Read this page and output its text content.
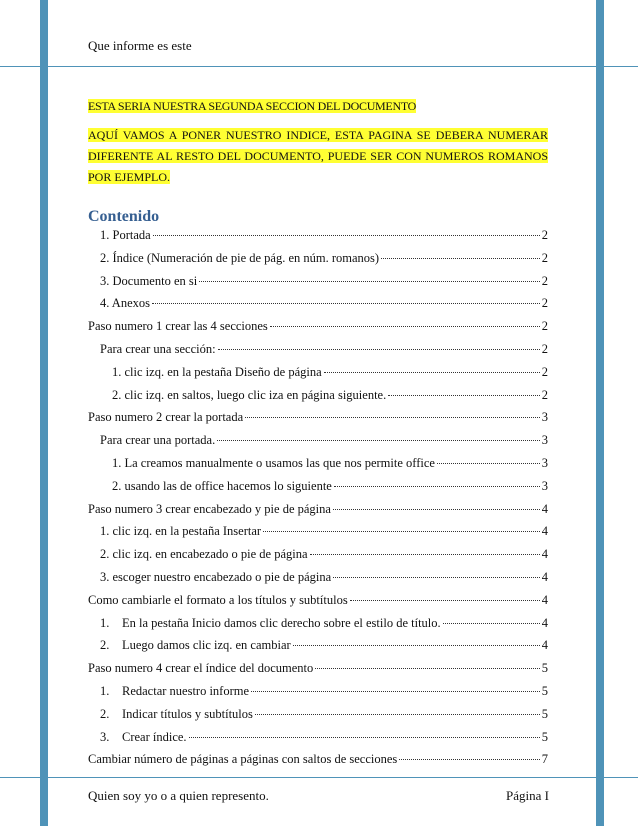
Que informe es este
ESTA SERIA NUESTRA SEGUNDA SECCION DEL DOCUMENTO
AQUÍ VAMOS A PONER NUESTRO INDICE, ESTA PAGINA SE DEBERA NUMERAR DIFERENTE AL RESTO DEL DOCUMENTO, PUEDE SER CON NUMEROS ROMANOS POR EJEMPLO.
Contenido
1. Portada	2
2. Índice (Numeración de pie de pág. en núm. romanos)	2
3. Documento en si	2
4. Anexos	2
Paso numero 1 crear las 4 secciones	2
Para crear una sección:	2
1. clic izq. en la pestaña Diseño de página	2
2. clic izq. en saltos, luego clic iza en página siguiente.	2
Paso numero 2 crear la portada	3
Para crear una portada.	3
1. La creamos manualmente o usamos las que nos permite office	3
2. usando las de office hacemos lo siguiente	3
Paso numero 3 crear encabezado y pie de página	4
1. clic izq. en la pestaña Insertar	4
2. clic izq. en encabezado o pie de página	4
3. escoger nuestro encabezado o pie de página	4
Como cambiarle el formato a los títulos y subtítulos	4
1. En la pestaña Inicio damos clic derecho sobre el estilo de título.	4
2. Luego damos clic izq. en cambiar	4
Paso numero 4 crear el índice del documento	5
1. Redactar nuestro informe	5
2. Indicar títulos y subtítulos	5
3. Crear índice.	5
Cambiar número de páginas a páginas con saltos de secciones	7
Quien soy yo o a quien represento.	Página I
